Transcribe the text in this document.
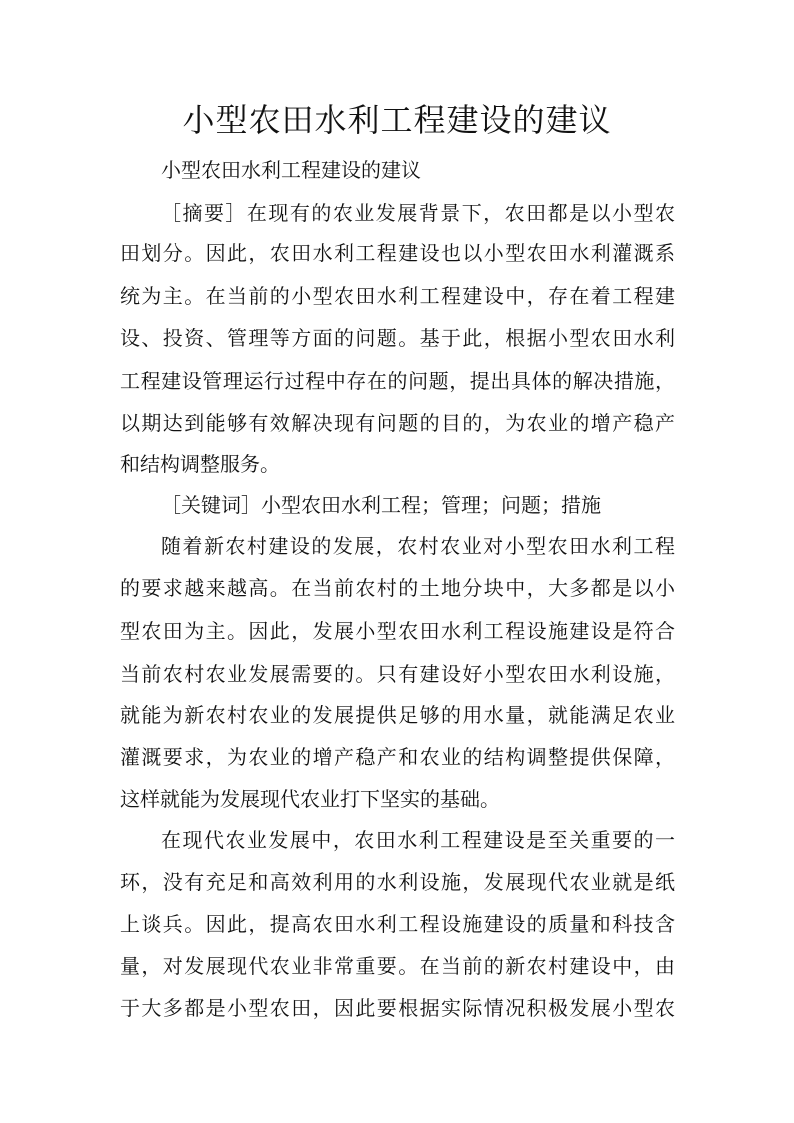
小型农田水利工程建设的建议
小型农田水利工程建设的建议
［摘要］在现有的农业发展背景下，农田都是以小型农
田划分。因此，农田水利工程建设也以小型农田水利灌溉系
统为主。在当前的小型农田水利工程建设中，存在着工程建
设、投资、管理等方面的问题。基于此，根据小型农田水利
工程建设管理运行过程中存在的问题，提出具体的解决措施，
以期达到能够有效解决现有问题的目的，为农业的增产稳产
和结构调整服务。
［关键词］小型农田水利工程；管理；问题；措施
随着新农村建设的发展，农村农业对小型农田水利工程
的要求越来越高。在当前农村的土地分块中，大多都是以小
型农田为主。因此，发展小型农田水利工程设施建设是符合
当前农村农业发展需要的。只有建设好小型农田水利设施，
就能为新农村农业的发展提供足够的用水量，就能满足农业
灌溉要求，为农业的增产稳产和农业的结构调整提供保障，
这样就能为发展现代农业打下坚实的基础。
在现代农业发展中，农田水利工程建设是至关重要的一
环，没有充足和高效利用的水利设施，发展现代农业就是纸
上谈兵。因此，提高农田水利工程设施建设的质量和科技含
量，对发展现代农业非常重要。在当前的新农村建设中，由
于大多都是小型农田，因此要根据实际情况积极发展小型农
